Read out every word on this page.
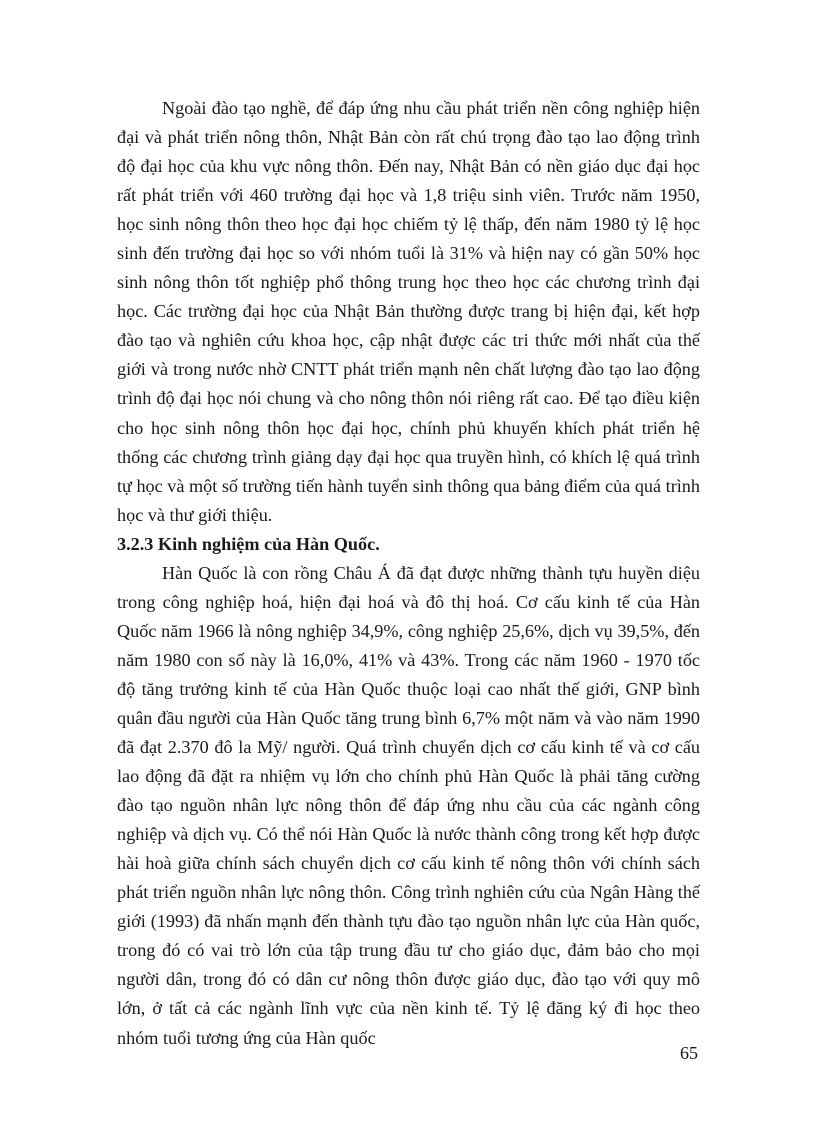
Ngoài đào tạo nghề, để đáp ứng nhu cầu phát triển nền công nghiệp hiện đại và phát triển nông thôn, Nhật Bản còn rất chú trọng đào tạo lao động trình độ đại học của khu vực nông thôn. Đến nay, Nhật Bản có nền giáo dục đại học rất phát triển với 460 trường đại học và 1,8 triệu sinh viên. Trước năm 1950, học sinh nông thôn theo học đại học chiếm tỷ lệ thấp, đến năm 1980 tỷ lệ học sinh đến trường đại học so với nhóm tuổi là 31% và hiện nay có gần 50% học sinh nông thôn tốt nghiệp phổ thông trung học theo học các chương trình đại học. Các trường đại học của Nhật Bản thường được trang bị hiện đại, kết hợp đào tạo và nghiên cứu khoa học, cập nhật được các tri thức mới nhất của thế giới và trong nước nhờ CNTT phát triển mạnh nên chất lượng đào tạo lao động trình độ đại học nói chung và cho nông thôn nói riêng rất cao. Để tạo điều kiện cho học sinh nông thôn học đại học, chính phủ khuyến khích phát triển hệ thống các chương trình giảng dạy đại học qua truyền hình, có khích lệ quá trình tự học và một số trường tiến hành tuyển sinh thông qua bảng điểm của quá trình học và thư giới thiệu.

3.2.3 Kinh nghiệm của Hàn Quốc.

Hàn Quốc là con rồng Châu Á đã đạt được những thành tựu huyền diệu trong công nghiệp hoá, hiện đại hoá và đô thị hoá. Cơ cấu kinh tế của Hàn Quốc năm 1966 là nông nghiệp 34,9%, công nghiệp 25,6%, dịch vụ 39,5%, đến năm 1980 con số này là 16,0%, 41% và 43%. Trong các năm 1960 - 1970 tốc độ tăng trưởng kinh tế của Hàn Quốc thuộc loại cao nhất thế giới, GNP bình quân đầu người của Hàn Quốc tăng trung bình 6,7% một năm và vào năm 1990 đã đạt 2.370 đô la Mỹ/ người. Quá trình chuyển dịch cơ cấu kinh tế và cơ cấu lao động đã đặt ra nhiệm vụ lớn cho chính phủ Hàn Quốc là phải tăng cường đào tạo nguồn nhân lực nông thôn để đáp ứng nhu cầu của các ngành công nghiệp và dịch vụ. Có thể nói Hàn Quốc là nước thành công trong kết hợp được hài hoà giữa chính sách chuyển dịch cơ cấu kinh tế nông thôn với chính sách phát triển nguồn nhân lực nông thôn. Công trình nghiên cứu của Ngân Hàng thế giới (1993) đã nhấn mạnh đến thành tựu đào tạo nguồn nhân lực của Hàn quốc, trong đó có vai trò lớn của tập trung đầu tư cho giáo dục, đảm bảo cho mọi người dân, trong đó có dân cư nông thôn được giáo dục, đào tạo với quy mô lớn, ở tất cả các ngành lĩnh vực của nền kinh tế. Tỷ lệ đăng ký đi học theo nhóm tuổi tương ứng của Hàn quốc

65
